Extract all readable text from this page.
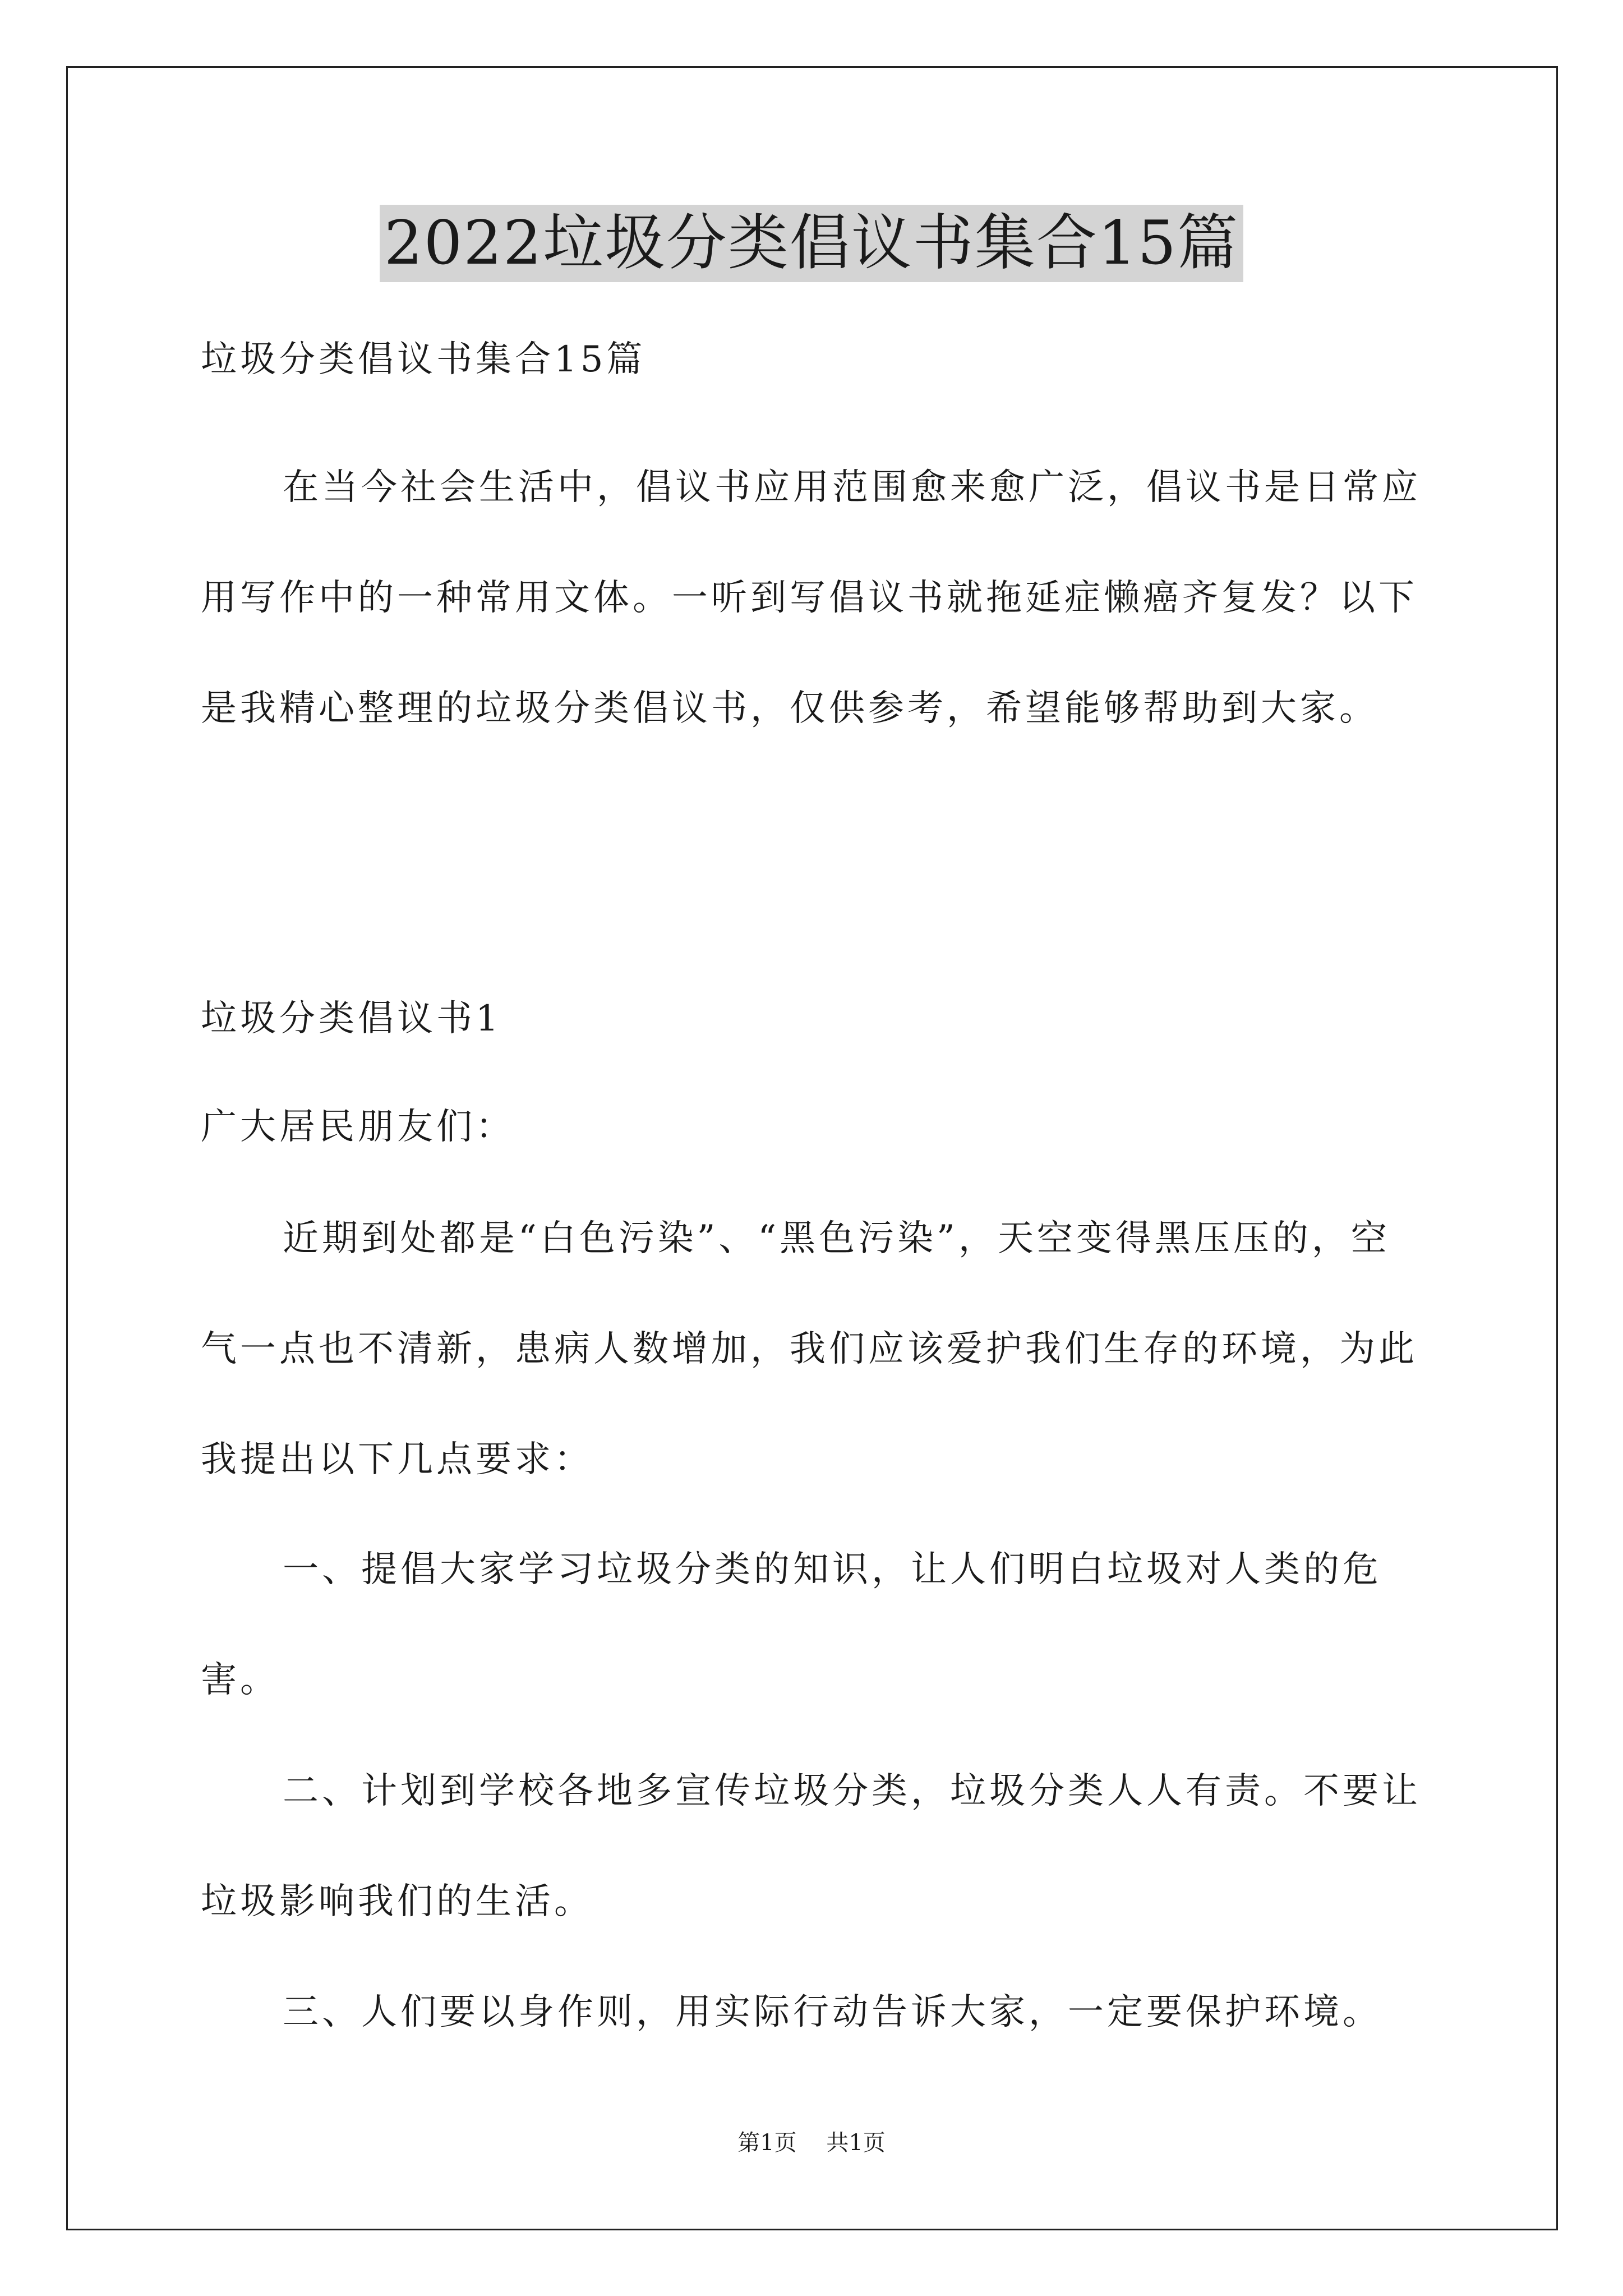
2022垃圾分类倡议书集合15篇

垃圾分类倡议书集合15篇

在当今社会生活中，倡议书应用范围愈来愈广泛，倡议书是日常应用写作中的一种常用文体。一听到写倡议书就拖延症懒癌齐复发？以下是我精心整理的垃圾分类倡议书，仅供参考，希望能够帮助到大家。

垃圾分类倡议书1

广大居民朋友们：

近期到处都是“白色污染”、“黑色污染”，天空变得黑压压的，空气一点也不清新，患病人数增加，我们应该爱护我们生存的环境，为此我提出以下几点要求：

一、提倡大家学习垃圾分类的知识，让人们明白垃圾对人类的危害。

二、计划到学校各地多宣传垃圾分类，垃圾分类人人有责。不要让垃圾影响我们的生活。

三、人们要以身作则，用实际行动告诉大家，一定要保护环境。

第1页 共1页
